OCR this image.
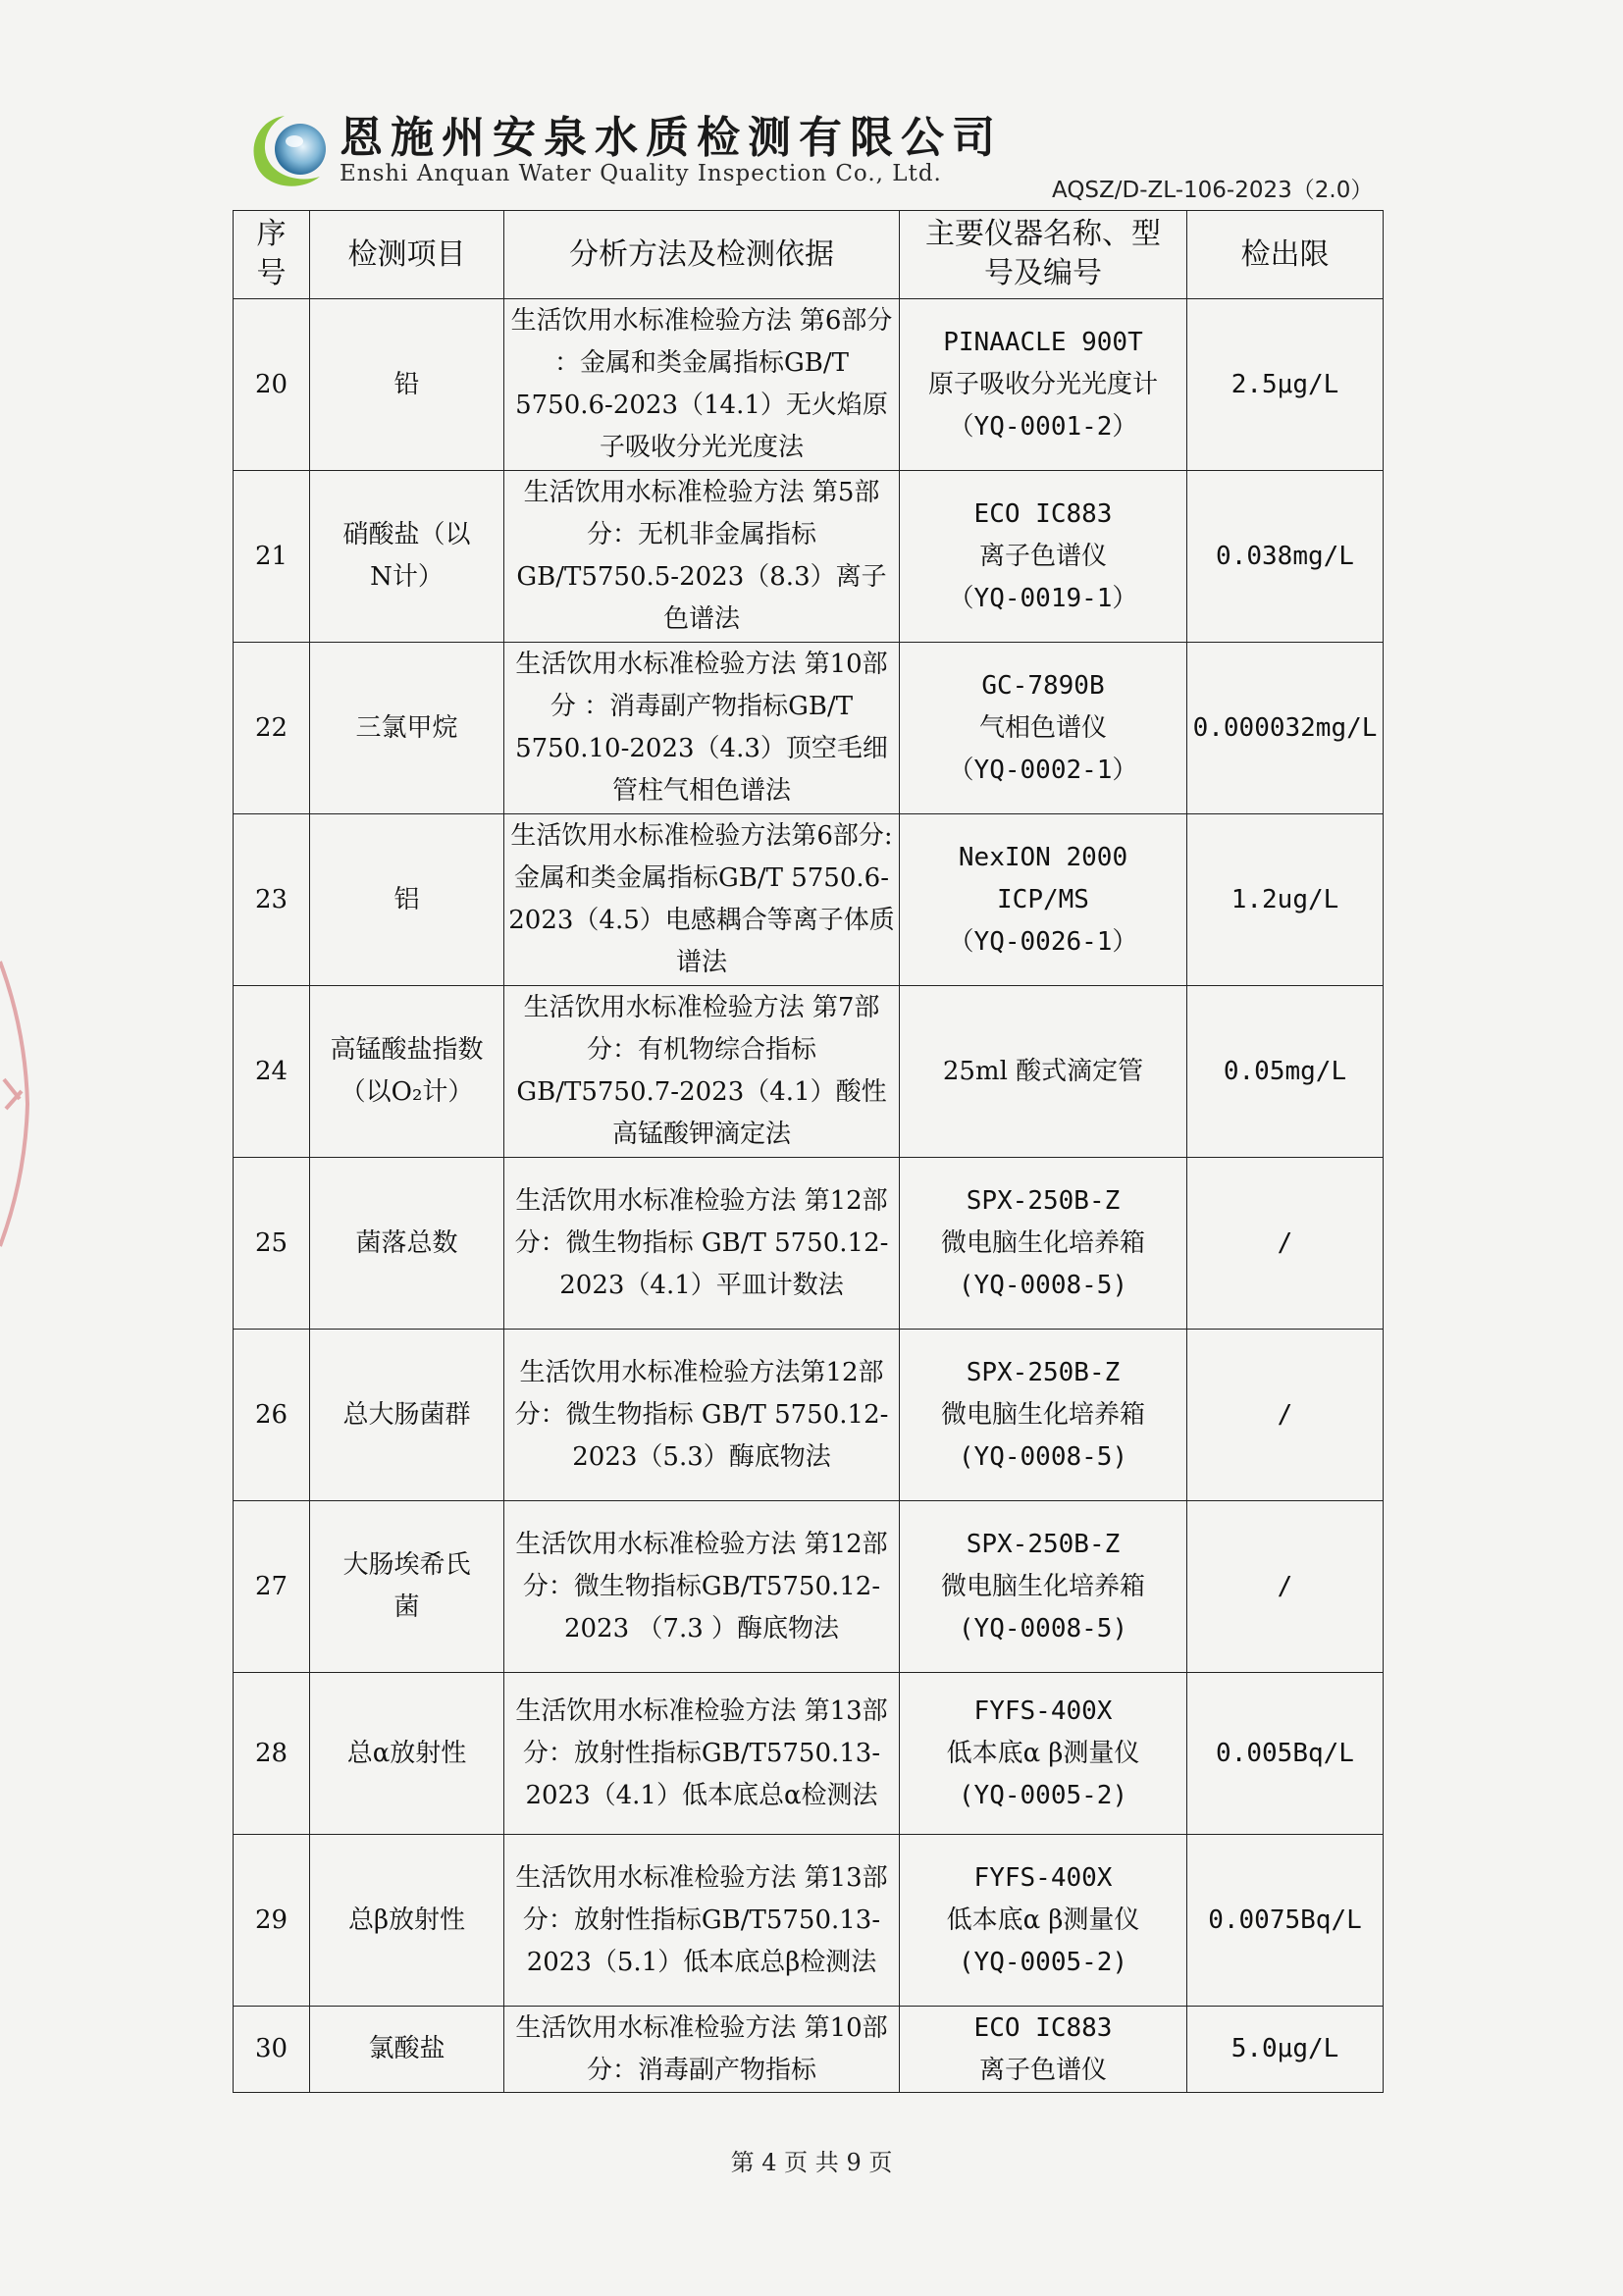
恩施州安泉水质检测有限公司
Enshi Anquan Water Quality Inspection Co., Ltd.
AQSZ/D-ZL-106-2023（2.0）
序号	检测项目	分析方法及检测依据	主要仪器名称、型号及编号	检出限
20	铅	生活饮用水标准检验方法 第6部分 ：金属和类金属指标GB/T 5750.6-2023（14.1）无火焰原子吸收分光光度法	PINAACLE 900T
原子吸收分光光度计
（YQ-0001-2）	2.5μg/L
21	硝酸盐（以N计）	生活饮用水标准检验方法 第5部分：无机非金属指标GB/T5750.5-2023（8.3）离子色谱法	ECO IC883
离子色谱仪
（YQ-0019-1）	0.038mg/L
22	三氯甲烷	生活饮用水标准检验方法 第10部分 ：消毒副产物指标GB/T 5750.10-2023（4.3）顶空毛细管柱气相色谱法	GC-7890B
气相色谱仪
（YQ-0002-1）	0.000032mg/L
23	铝	生活饮用水标准检验方法第6部分:金属和类金属指标GB/T 5750.6-2023（4.5）电感耦合等离子体质谱法	NexION 2000
ICP/MS
（YQ-0026-1）	1.2ug/L
24	高锰酸盐指数（以O₂计）	生活饮用水标准检验方法 第7部分：有机物综合指标GB/T5750.7-2023（4.1）酸性高锰酸钾滴定法	25ml 酸式滴定管	0.05mg/L
25	菌落总数	生活饮用水标准检验方法 第12部分：微生物指标 GB/T 5750.12-2023（4.1）平皿计数法	SPX-250B-Z
微电脑生化培养箱
(YQ-0008-5)	/
26	总大肠菌群	生活饮用水标准检验方法第12部分：微生物指标 GB/T 5750.12-2023（5.3）酶底物法	SPX-250B-Z
微电脑生化培养箱
(YQ-0008-5)	/
27	大肠埃希氏菌	生活饮用水标准检验方法 第12部分：微生物指标GB/T5750.12-2023 （7.3 ）酶底物法	SPX-250B-Z
微电脑生化培养箱
(YQ-0008-5)	/
28	总α放射性	生活饮用水标准检验方法 第13部分：放射性指标GB/T5750.13-2023（4.1）低本底总α检测法	FYFS-400X
低本底α β测量仪
(YQ-0005-2)	0.005Bq/L
29	总β放射性	生活饮用水标准检验方法 第13部分：放射性指标GB/T5750.13-2023（5.1）低本底总β检测法	FYFS-400X
低本底α β测量仪
(YQ-0005-2)	0.0075Bq/L
30	氯酸盐	生活饮用水标准检验方法 第10部分：消毒副产物指标	ECO IC883
离子色谱仪	5.0μg/L
第 4 页 共 9 页
